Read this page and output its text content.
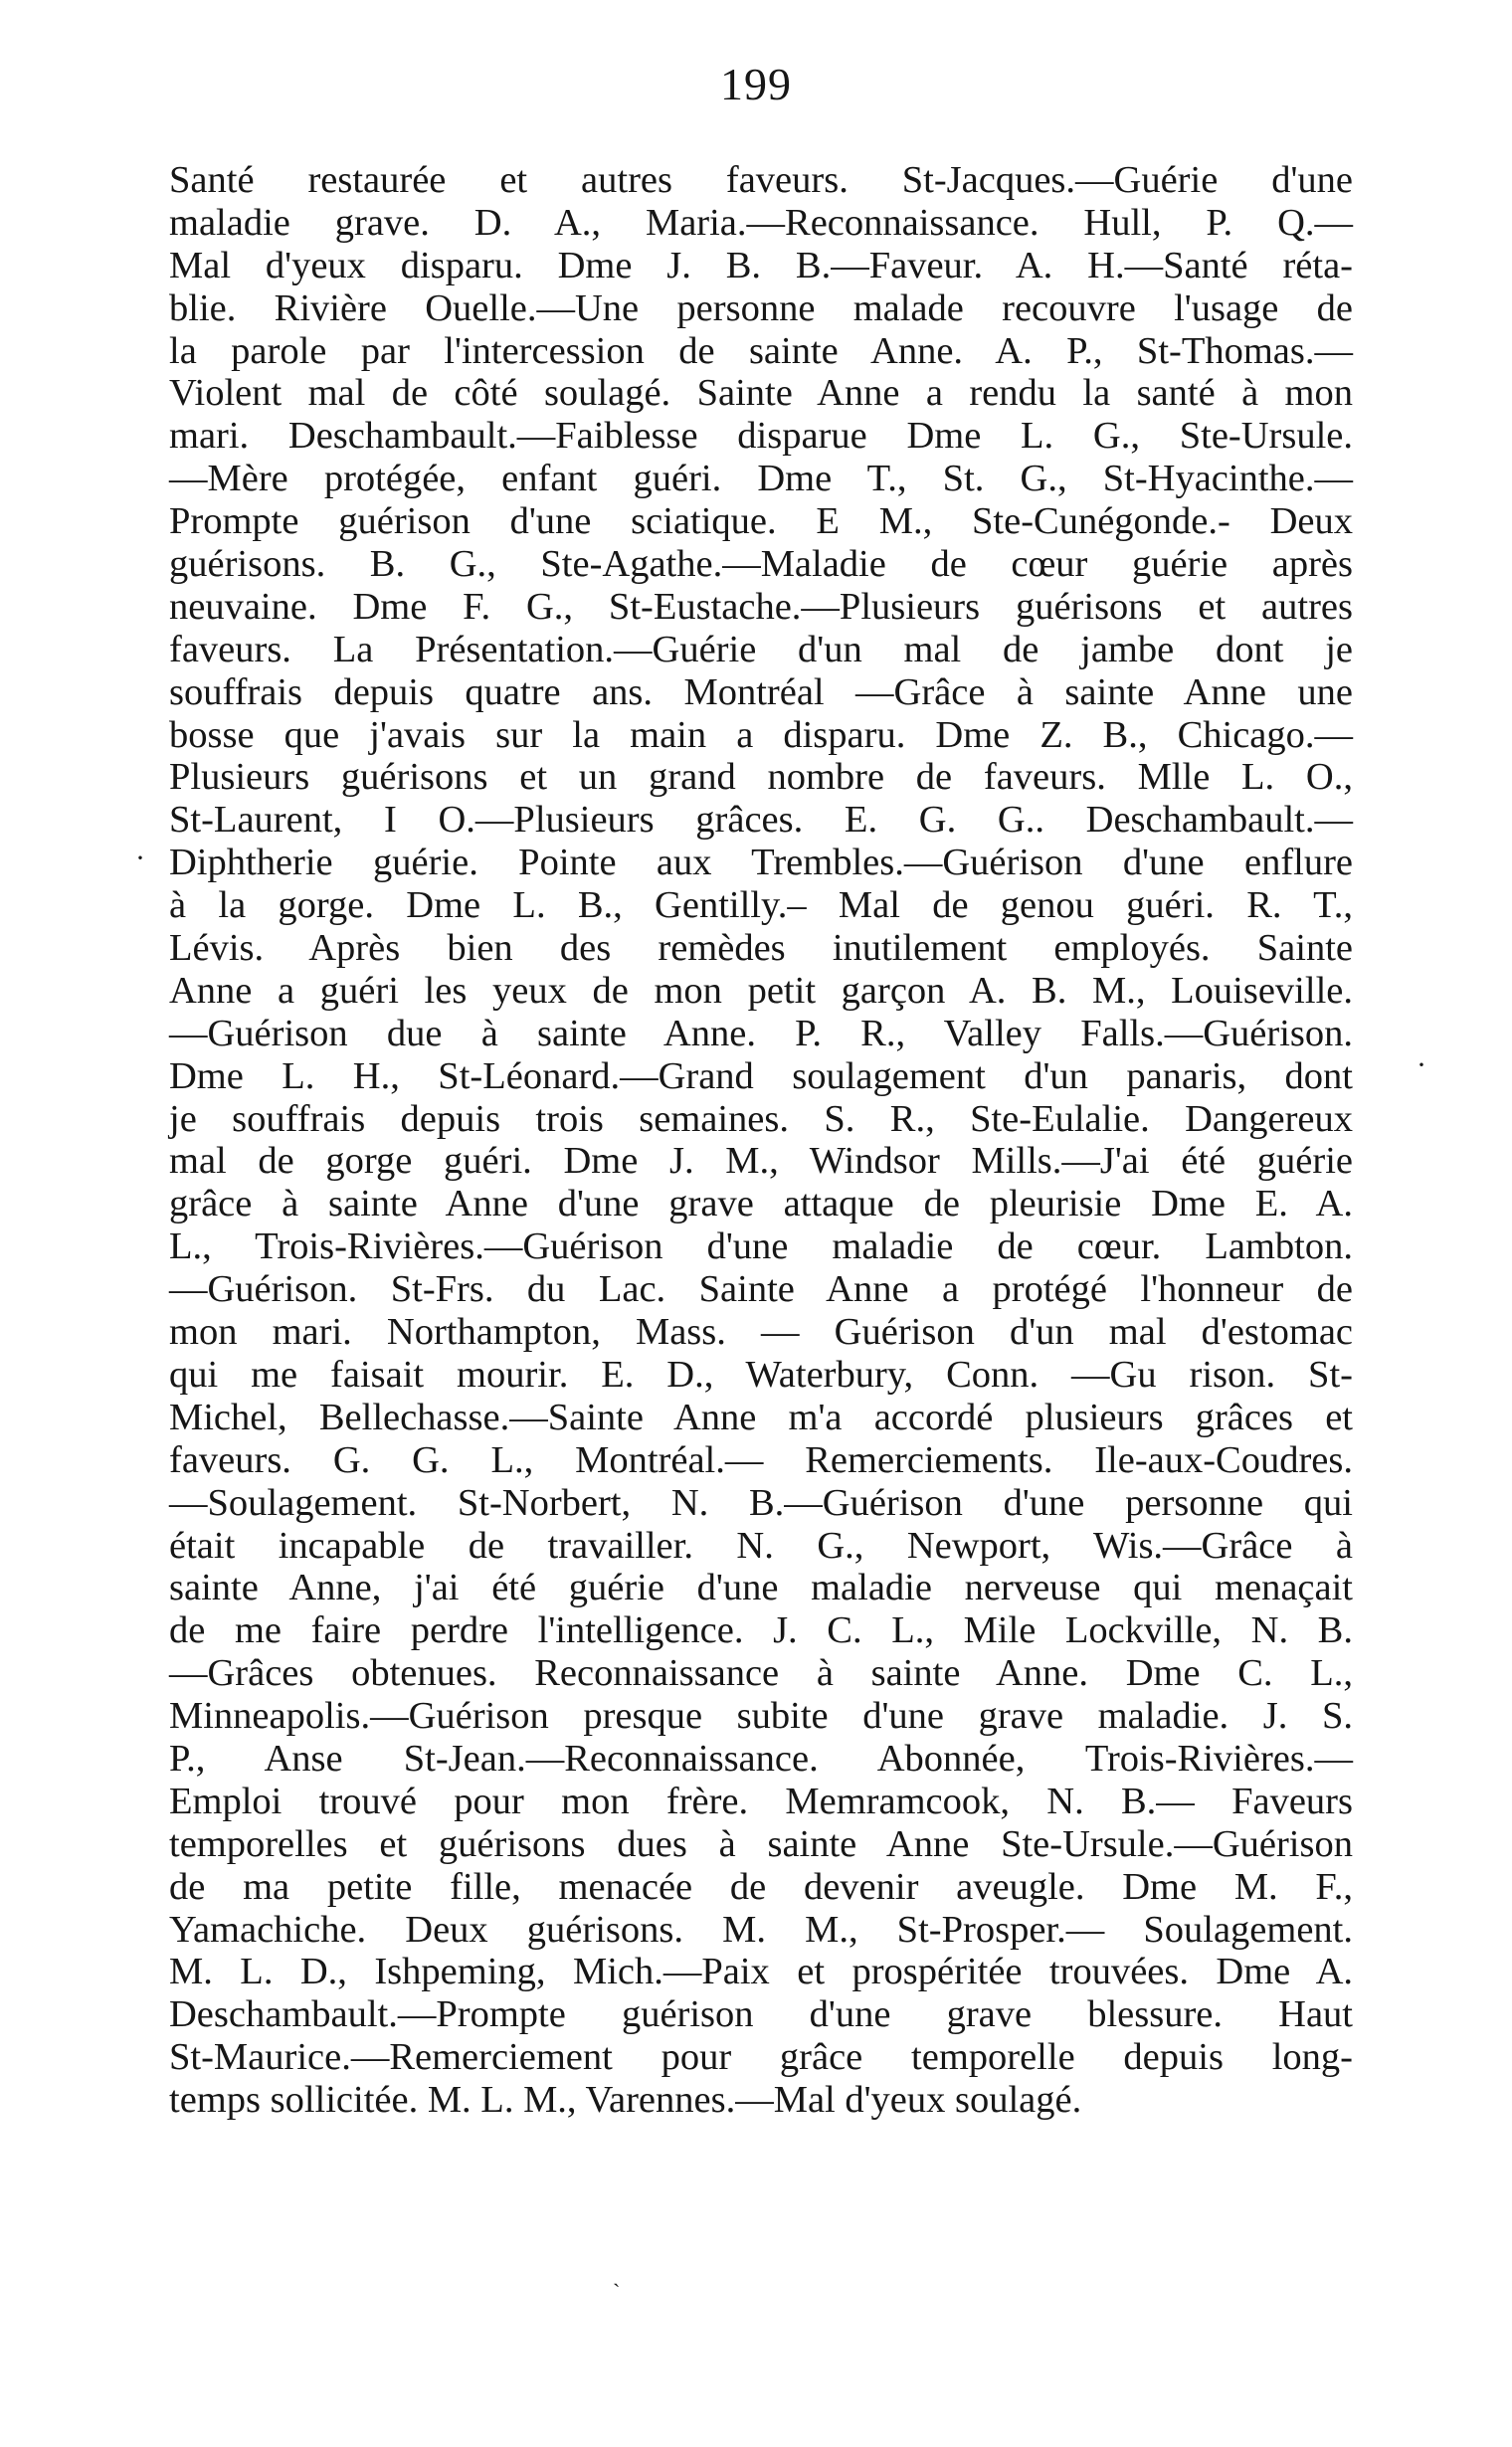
199
Santé restaurée et autres faveurs. St-Jacques.—Guérie d'une
maladie grave. D. A., Maria.—Reconnaissance. Hull, P. Q.—
Mal d'yeux disparu. Dme J. B. B.—Faveur. A. H.—Santé réta-
blie. Rivière Ouelle.—Une personne malade recouvre l'usage de
la parole par l'intercession de sainte Anne. A. P., St-Thomas.—
Violent mal de côté soulagé. Sainte Anne a rendu la santé à mon
mari. Deschambault.—Faiblesse disparue Dme L. G., Ste-Ursule.
—Mère protégée, enfant guéri. Dme T., St. G., St-Hyacinthe.—
Prompte guérison d'une sciatique. E M., Ste-Cunégonde.- Deux
guérisons. B. G., Ste-Agathe.—Maladie de cœur guérie après
neuvaine. Dme F. G., St-Eustache.—Plusieurs guérisons et autres
faveurs. La Présentation.—Guérie d'un mal de jambe dont je
souffrais depuis quatre ans. Montréal —Grâce à sainte Anne une
bosse que j'avais sur la main a disparu. Dme Z. B., Chicago.—
Plusieurs guérisons et un grand nombre de faveurs. Mlle L. O.,
St-Laurent, I O.—Plusieurs grâces. E. G. G.. Deschambault.—
Diphtherie guérie. Pointe aux Trembles.—Guérison d'une enflure
à la gorge. Dme L. B., Gentilly.– Mal de genou guéri. R. T.,
Lévis. Après bien des remèdes inutilement employés. Sainte
Anne a guéri les yeux de mon petit garçon A. B. M., Louiseville.
—Guérison due à sainte Anne. P. R., Valley Falls.—Guérison.
Dme L. H., St-Léonard.—Grand soulagement d'un panaris, dont
je souffrais depuis trois semaines. S. R., Ste-Eulalie. Dangereux
mal de gorge guéri. Dme J. M., Windsor Mills.—J'ai été guérie
grâce à sainte Anne d'une grave attaque de pleurisie Dme E. A.
L., Trois-Rivières.—Guérison d'une maladie de cœur. Lambton.
—Guérison. St-Frs. du Lac. Sainte Anne a protégé l'honneur de
mon mari. Northampton, Mass. — Guérison d'un mal d'estomac
qui me faisait mourir. E. D., Waterbury, Conn. —Gu rison. St-
Michel, Bellechasse.—Sainte Anne m'a accordé plusieurs grâces et
faveurs. G. G. L., Montréal.— Remerciements. Ile-aux-Coudres.
—Soulagement. St-Norbert, N. B.—Guérison d'une personne qui
était incapable de travailler. N. G., Newport, Wis.—Grâce à
sainte Anne, j'ai été guérie d'une maladie nerveuse qui menaçait
de me faire perdre l'intelligence. J. C. L., Mile Lockville, N. B.
—Grâces obtenues. Reconnaissance à sainte Anne. Dme C. L.,
Minneapolis.—Guérison presque subite d'une grave maladie. J. S.
P., Anse St-Jean.—Reconnaissance. Abonnée, Trois-Rivières.—
Emploi trouvé pour mon frère. Memramcook, N. B.— Faveurs
temporelles et guérisons dues à sainte Anne Ste-Ursule.—Guérison
de ma petite fille, menacée de devenir aveugle. Dme M. F.,
Yamachiche. Deux guérisons. M. M., St-Prosper.— Soulagement.
M. L. D., Ishpeming, Mich.—Paix et prospéritée trouvées. Dme A.
Deschambault.—Prompte guérison d'une grave blessure. Haut
St-Maurice.—Remerciement pour grâce temporelle depuis long-
temps sollicitée. M. L. M., Varennes.—Mal d'yeux soulagé.
·
·
ˏ
